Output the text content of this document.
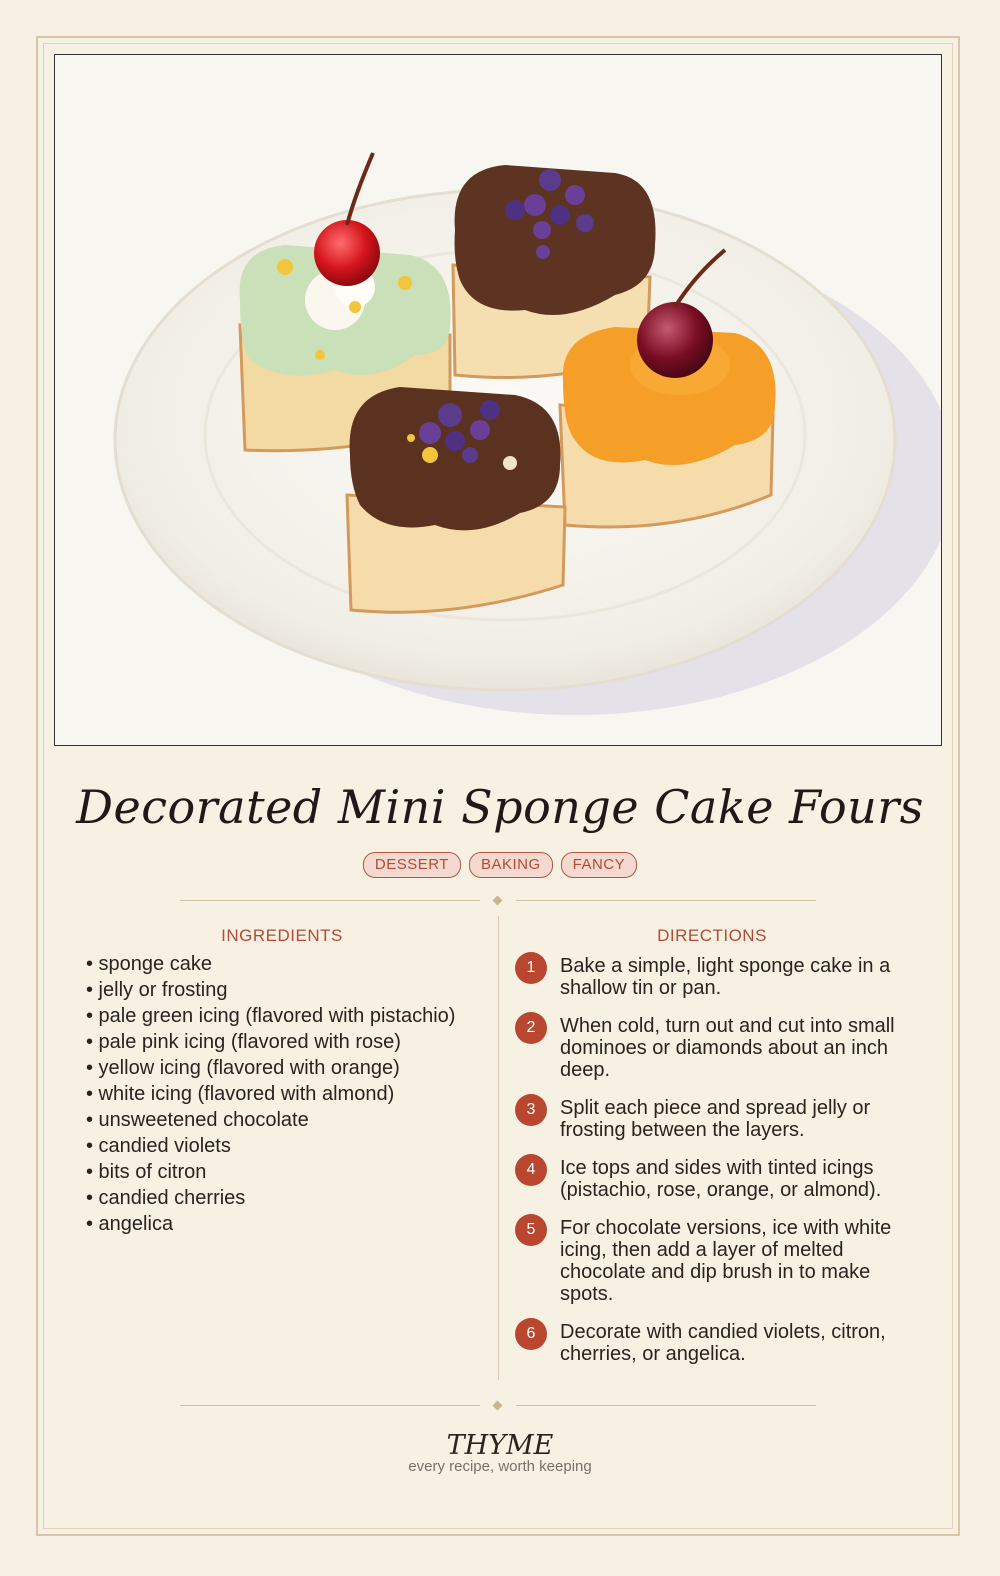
Decorated Mini Sponge Cake Fours
DESSERT BAKING FANCY
INGREDIENTS
• sponge cake
• jelly or frosting
• pale green icing (flavored with pistachio)
• pale pink icing (flavored with rose)
• yellow icing (flavored with orange)
• white icing (flavored with almond)
• unsweetened chocolate
• candied violets
• bits of citron
• candied cherries
• angelica
DIRECTIONS
1	Bake a simple, light sponge cake in a shallow tin or pan.
2	When cold, turn out and cut into small dominoes or diamonds about an inch deep.
3	Split each piece and spread jelly or frosting between the layers.
4	Ice tops and sides with tinted icings (pistachio, rose, orange, or almond).
5	For chocolate versions, ice with white icing, then add a layer of melted chocolate and dip brush in to make spots.
6	Decorate with candied violets, citron, cherries, or angelica.
THYME
every recipe, worth keeping
